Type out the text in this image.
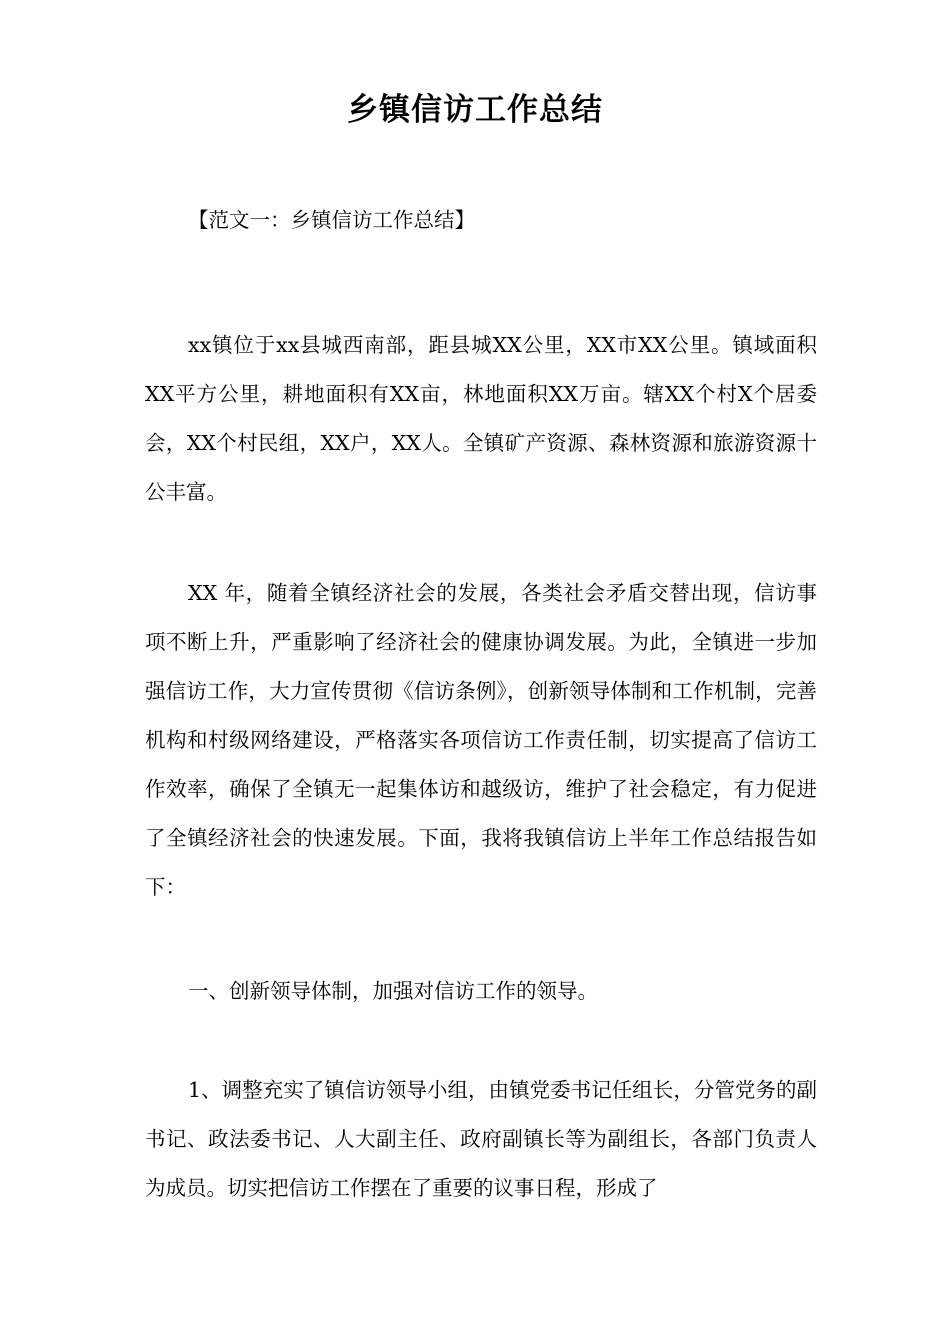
乡镇信访工作总结

【范文一：乡镇信访工作总结】

xx镇位于xx县城西南部，距县城XX公里，XX市XX公里。镇域面积XX平方公里，耕地面积有XX亩，林地面积XX万亩。辖XX个村X个居委会，XX个村民组，XX户，XX人。全镇矿产资源、森林资源和旅游资源十公丰富。

XX 年，随着全镇经济社会的发展，各类社会矛盾交替出现，信访事项不断上升，严重影响了经济社会的健康协调发展。为此，全镇进一步加强信访工作，大力宣传贯彻《信访条例》，创新领导体制和工作机制，完善机构和村级网络建设，严格落实各项信访工作责任制，切实提高了信访工作效率，确保了全镇无一起集体访和越级访，维护了社会稳定，有力促进了全镇经济社会的快速发展。下面，我将我镇信访上半年工作总结报告如下：

一、创新领导体制，加强对信访工作的领导。

1、调整充实了镇信访领导小组，由镇党委书记任组长，分管党务的副书记、政法委书记、人大副主任、政府副镇长等为副组长，各部门负责人为成员。切实把信访工作摆在了重要的议事日程，形成了
